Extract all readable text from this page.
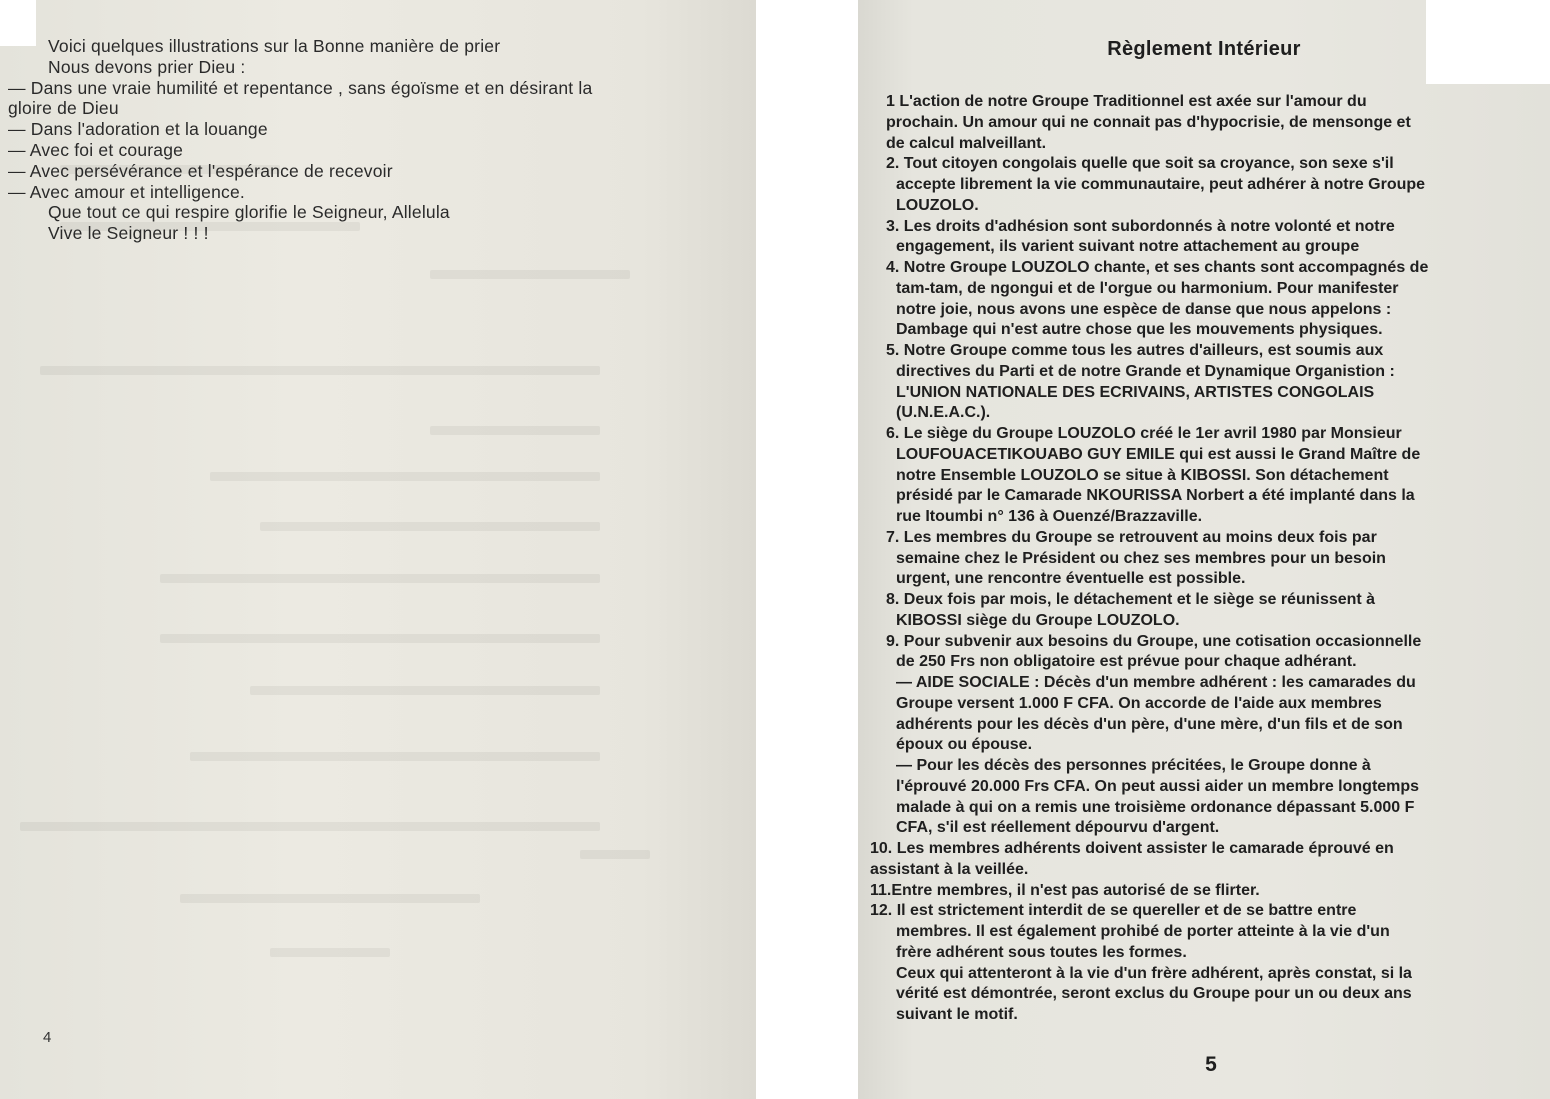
Voici quelques illustrations sur la Bonne manière de prier
Nous devons prier Dieu :
— Dans une vraie humilité et repentance , sans égoïsme et en désirant la
gloire de Dieu
— Dans l'adoration et la louange
— Avec foi et courage
— Avec persévérance et l'espérance de recevoir
— Avec amour et intelligence.
Que tout ce qui respire glorifie le Seigneur, Allelula
Vive le Seigneur ! ! !
4
Règlement Intérieur
1 L'action de notre Groupe Traditionnel est axée sur l'amour du
prochain. Un amour qui ne connait pas d'hypocrisie, de mensonge et
de calcul malveillant.
2. Tout citoyen congolais quelle que soit sa croyance, son sexe s'il
accepte librement la vie communautaire, peut adhérer à notre Groupe
LOUZOLO.
3. Les droits d'adhésion sont subordonnés à notre volonté et notre
engagement, ils varient suivant notre attachement au groupe
4. Notre Groupe LOUZOLO chante, et ses chants sont accompagnés de
tam-tam, de ngongui et de l'orgue ou harmonium. Pour manifester
notre joie, nous avons une espèce de danse que nous appelons :
Dambage qui n'est autre chose que les mouvements physiques.
5. Notre Groupe comme tous les autres d'ailleurs, est soumis aux
directives du Parti et de notre Grande et Dynamique Organistion :
L'UNION NATIONALE DES ECRIVAINS, ARTISTES CONGOLAIS
(U.N.E.A.C.).
6. Le siège du Groupe LOUZOLO créé le 1er avril 1980 par Monsieur
LOUFOUACETIKOUABO GUY EMILE qui est aussi le Grand Maître de
notre Ensemble LOUZOLO se situe à KIBOSSI. Son détachement
présidé par le Camarade NKOURISSA Norbert a été implanté dans la
rue Itoumbi n° 136 à Ouenzé/Brazzaville.
7. Les membres du Groupe se retrouvent au moins deux fois par
semaine chez le Président ou chez ses membres pour un besoin
urgent, une rencontre éventuelle est possible.
8. Deux fois par mois, le détachement et le siège se réunissent à
KIBOSSI siège du Groupe LOUZOLO.
9. Pour subvenir aux besoins du Groupe, une cotisation occasionnelle
de 250 Frs non obligatoire est prévue pour chaque adhérant.
— AIDE SOCIALE : Décès d'un membre adhérent : les camarades du
Groupe versent 1.000 F CFA. On accorde de l'aide aux membres
adhérents pour les décès d'un père, d'une mère, d'un fils et de son
époux ou épouse.
— Pour les décès des personnes précitées, le Groupe donne à
l'éprouvé 20.000 Frs CFA. On peut aussi aider un membre longtemps
malade à qui on a remis une troisième ordonance dépassant 5.000 F
CFA, s'il est réellement dépourvu d'argent.
10. Les membres adhérents doivent assister le camarade éprouvé en
assistant à la veillée.
11.Entre membres, il n'est pas autorisé de se flirter.
12. Il est strictement interdit de se quereller et de se battre entre
membres. Il est également prohibé de porter atteinte à la vie d'un
frère adhérent sous toutes les formes.
Ceux qui attenteront à la vie d'un frère adhérent, après constat, si la
vérité est démontrée, seront exclus du Groupe pour un ou deux ans
suivant le motif.
5
